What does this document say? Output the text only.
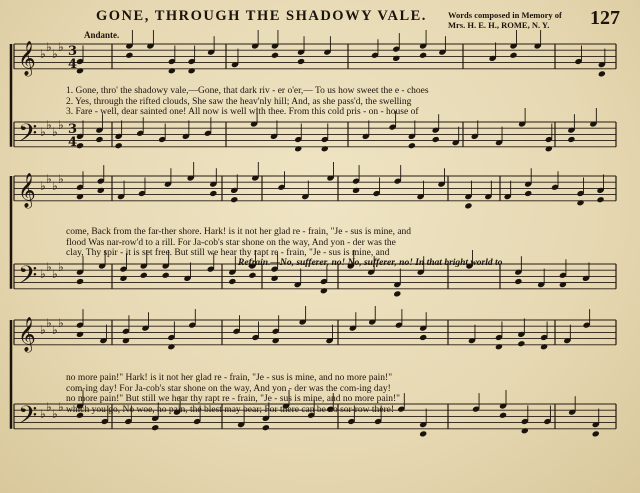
GONE, THROUGH THE SHADOWY VALE. Words composed in Memory of
Mrs. H. E. H., ROME, N. Y.	127
Andante.
𝄞 ♭ ♭ ♭ ♭
𝄢 ♭ ♭ ♭ ♭
𝄞 ♭ ♭ ♭ ♭
𝄢 ♭ ♭ ♭ ♭
𝄞 ♭ ♭ ♭ ♭
𝄢 ♭ ♭ ♭ ♭
3
4
3
4
1. Gone, thro' the shadowy vale,—Gone, that dark riv - er o'er,— To us how sweet the e - choes
2. Yes, through the rifted clouds, She saw the heav'nly hill; And, as she pass'd, the swelling
3. Fare - well, dear sainted one! All now is well with thee. From this cold pris - on - house of
come, Back from the far-ther shore. Hark! is it not her glad re - frain, "Je - sus is mine, and
flood Was nar-row'd to a rill. For Ja-cob's star shone on the way, And yon - der was the
clay, Thy spir - it is set free. But still we hear thy rapt re - frain, "Je - sus is mine, and
Refrain.—No, sufferer, no! No, sufferer, no! In that bright world to
no more pain!" Hark! is it not her glad re - frain, "Je - sus is mine, and no more pain!"
com-ing day! For Ja-cob's star shone on the way, And yon - der was the com-ing day!
no more pain!" But still we hear thy rapt re - frain, "Je - sus is mine, and no more pain!"
which you go, No woe, no pain, the blest may bear; For there can be no sor-row there!
